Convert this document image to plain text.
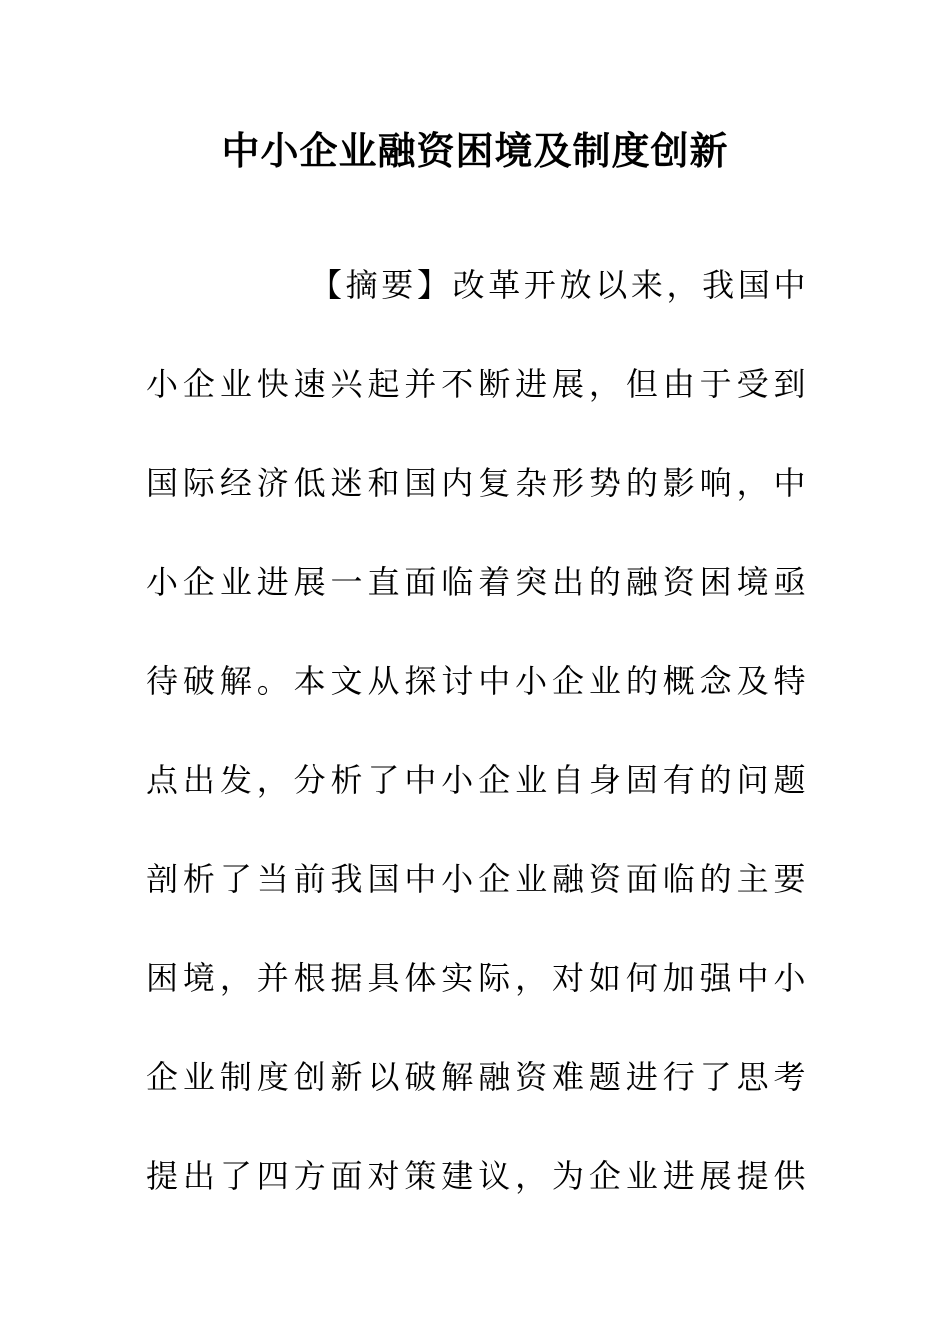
中小企业融资困境及制度创新
【摘要】改革开放以来，我国中
小企业快速兴起并不断进展，但由于受到
国际经济低迷和国内复杂形势的影响，中
小企业进展一直面临着突出的融资困境亟
待破解。本文从探讨中小企业的概念及特
点出发，分析了中小企业自身固有的问题
剖析了当前我国中小企业融资面临的主要
困境，并根据具体实际，对如何加强中小
企业制度创新以破解融资难题进行了思考
提出了四方面对策建议，为企业进展提供
